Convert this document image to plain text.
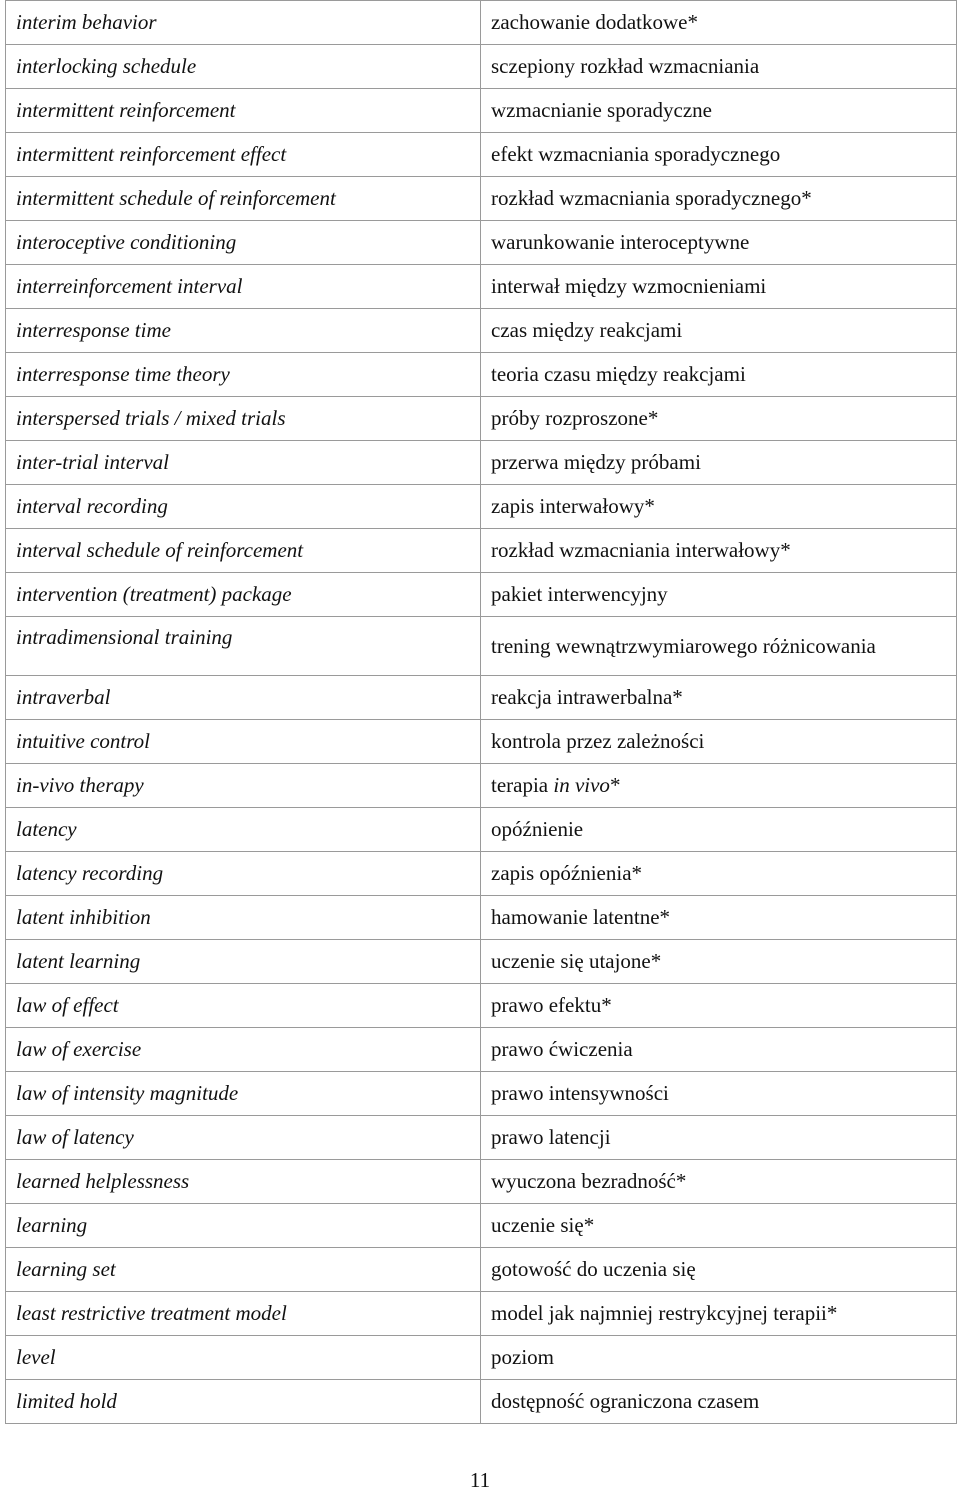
interim behavior	zachowanie dodatkowe*
interlocking schedule	sczepiony rozkład wzmacniania
intermittent reinforcement	wzmacnianie sporadyczne
intermittent reinforcement effect	efekt wzmacniania sporadycznego
intermittent schedule of reinforcement	rozkład wzmacniania sporadycznego*
interoceptive conditioning	warunkowanie interoceptywne
interreinforcement interval	interwał między wzmocnieniami
interresponse time	czas między reakcjami
interresponse time theory	teoria czasu między reakcjami
interspersed trials / mixed trials	próby rozproszone*
inter-trial interval	przerwa między próbami
interval recording	zapis interwałowy*
interval schedule of reinforcement	rozkład wzmacniania interwałowy*
intervention (treatment) package	pakiet interwencyjny
intradimensional training	trening wewnątrzwymiarowego różnicowania
intraverbal	reakcja intrawerbalna*
intuitive control	kontrola przez zależności
in-vivo therapy	terapia in vivo*
latency	opóźnienie
latency recording	zapis opóźnienia*
latent inhibition	hamowanie latentne*
latent learning	uczenie się utajone*
law of effect	prawo efektu*
law of exercise	prawo ćwiczenia
law of intensity magnitude	prawo intensywności
law of latency	prawo latencji
learned helplessness	wyuczona bezradność*
learning	uczenie się*
learning set	gotowość do uczenia się
least restrictive treatment model	model jak najmniej restrykcyjnej terapii*
level	poziom
limited hold	dostępność ograniczona czasem
11
